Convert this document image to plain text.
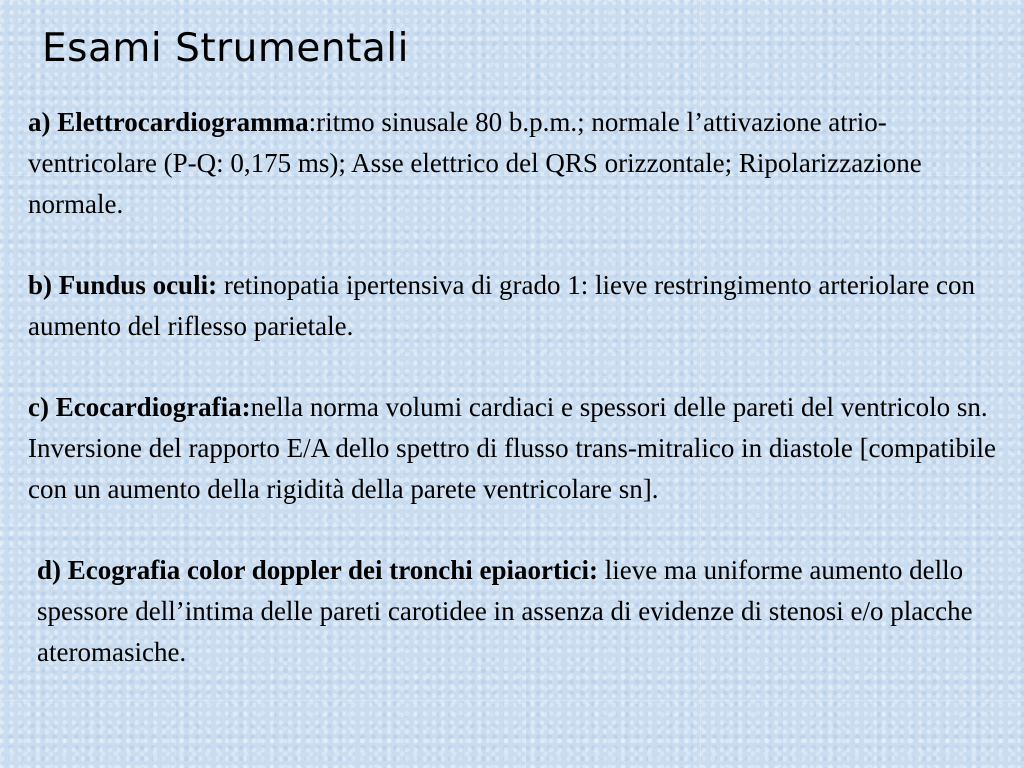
Esami Strumentali

a) Elettrocardiogramma:ritmo sinusale 80 b.p.m.; normale l’attivazione atrio-ventricolare (P-Q: 0,175 ms); Asse elettrico del QRS orizzontale; Ripolarizzazione normale.

b) Fundus oculi: retinopatia ipertensiva di grado 1: lieve restringimento arteriolare con aumento del riflesso parietale.

c) Ecocardiografia:nella norma volumi cardiaci e spessori delle pareti del ventricolo sn. Inversione del rapporto E/A dello spettro di flusso trans-mitralico in diastole [compatibile con un aumento della rigidità della parete ventricolare sn].

d) Ecografia color doppler dei tronchi epiaortici: lieve ma uniforme aumento dello spessore dell’intima delle pareti carotidee in assenza di evidenze di stenosi e/o placche ateromasiche.
